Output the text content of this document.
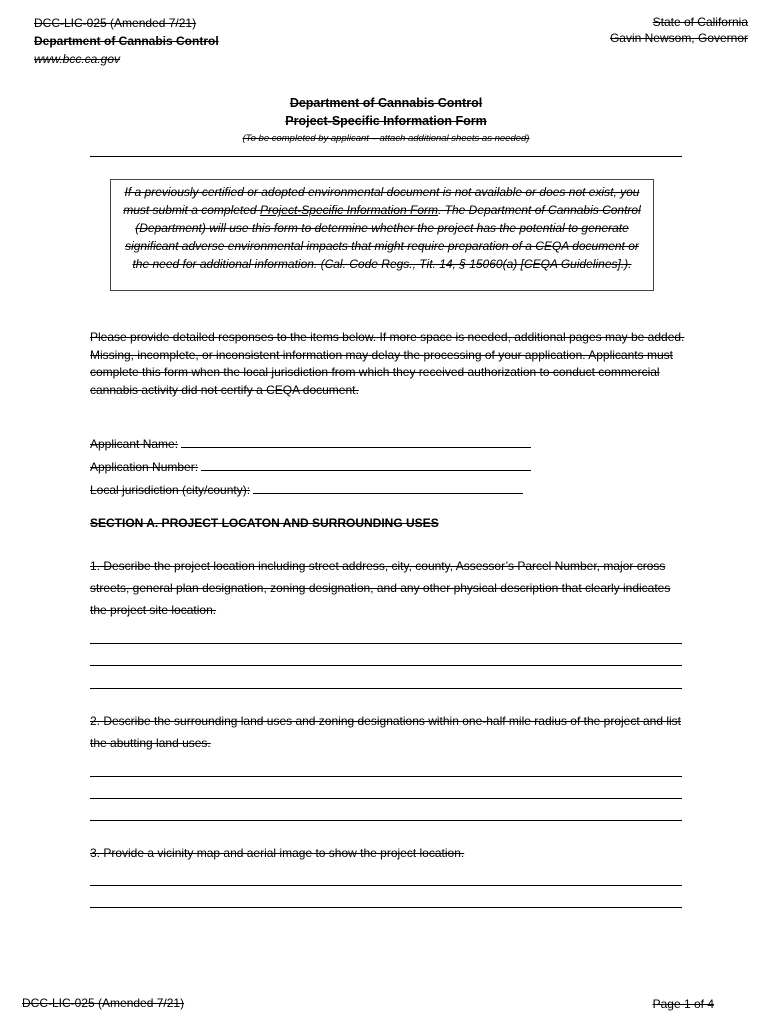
DCC-LIC-025 (Amended 7/21)
Department of Cannabis Control
www.bcc.ca.gov
State of California
Gavin Newsom, Governor
Department of Cannabis Control
Project-Specific Information Form
(To be completed by applicant – attach additional sheets as needed)
If a previously certified or adopted environmental document is not available or does not exist, you must submit a completed Project-Specific Information Form. The Department of Cannabis Control (Department) will use this form to determine whether the project has the potential to generate significant adverse environmental impacts that might require preparation of a CEQA document or the need for additional information. (Cal. Code Regs., Tit. 14, § 15060(a) [CEQA Guidelines].).
Please provide detailed responses to the items below. If more space is needed, additional pages may be added. Missing, incomplete, or inconsistent information may delay the processing of your application. Applicants must complete this form when the local jurisdiction from which they received authorization to conduct commercial cannabis activity did not certify a CEQA document.
Applicant Name:
Application Number:
Local jurisdiction (city/county):
SECTION A. PROJECT LOCATON AND SURROUNDING USES
1. Describe the project location including street address, city, county, Assessor’s Parcel Number, major cross streets, general plan designation, zoning designation, and any other physical description that clearly indicates the project site location.
2. Describe the surrounding land uses and zoning designations within one-half mile radius of the project and list the abutting land uses.
3. Provide a vicinity map and aerial image to show the project location.
DCC-LIC-025 (Amended 7/21)	Page 1 of 4
